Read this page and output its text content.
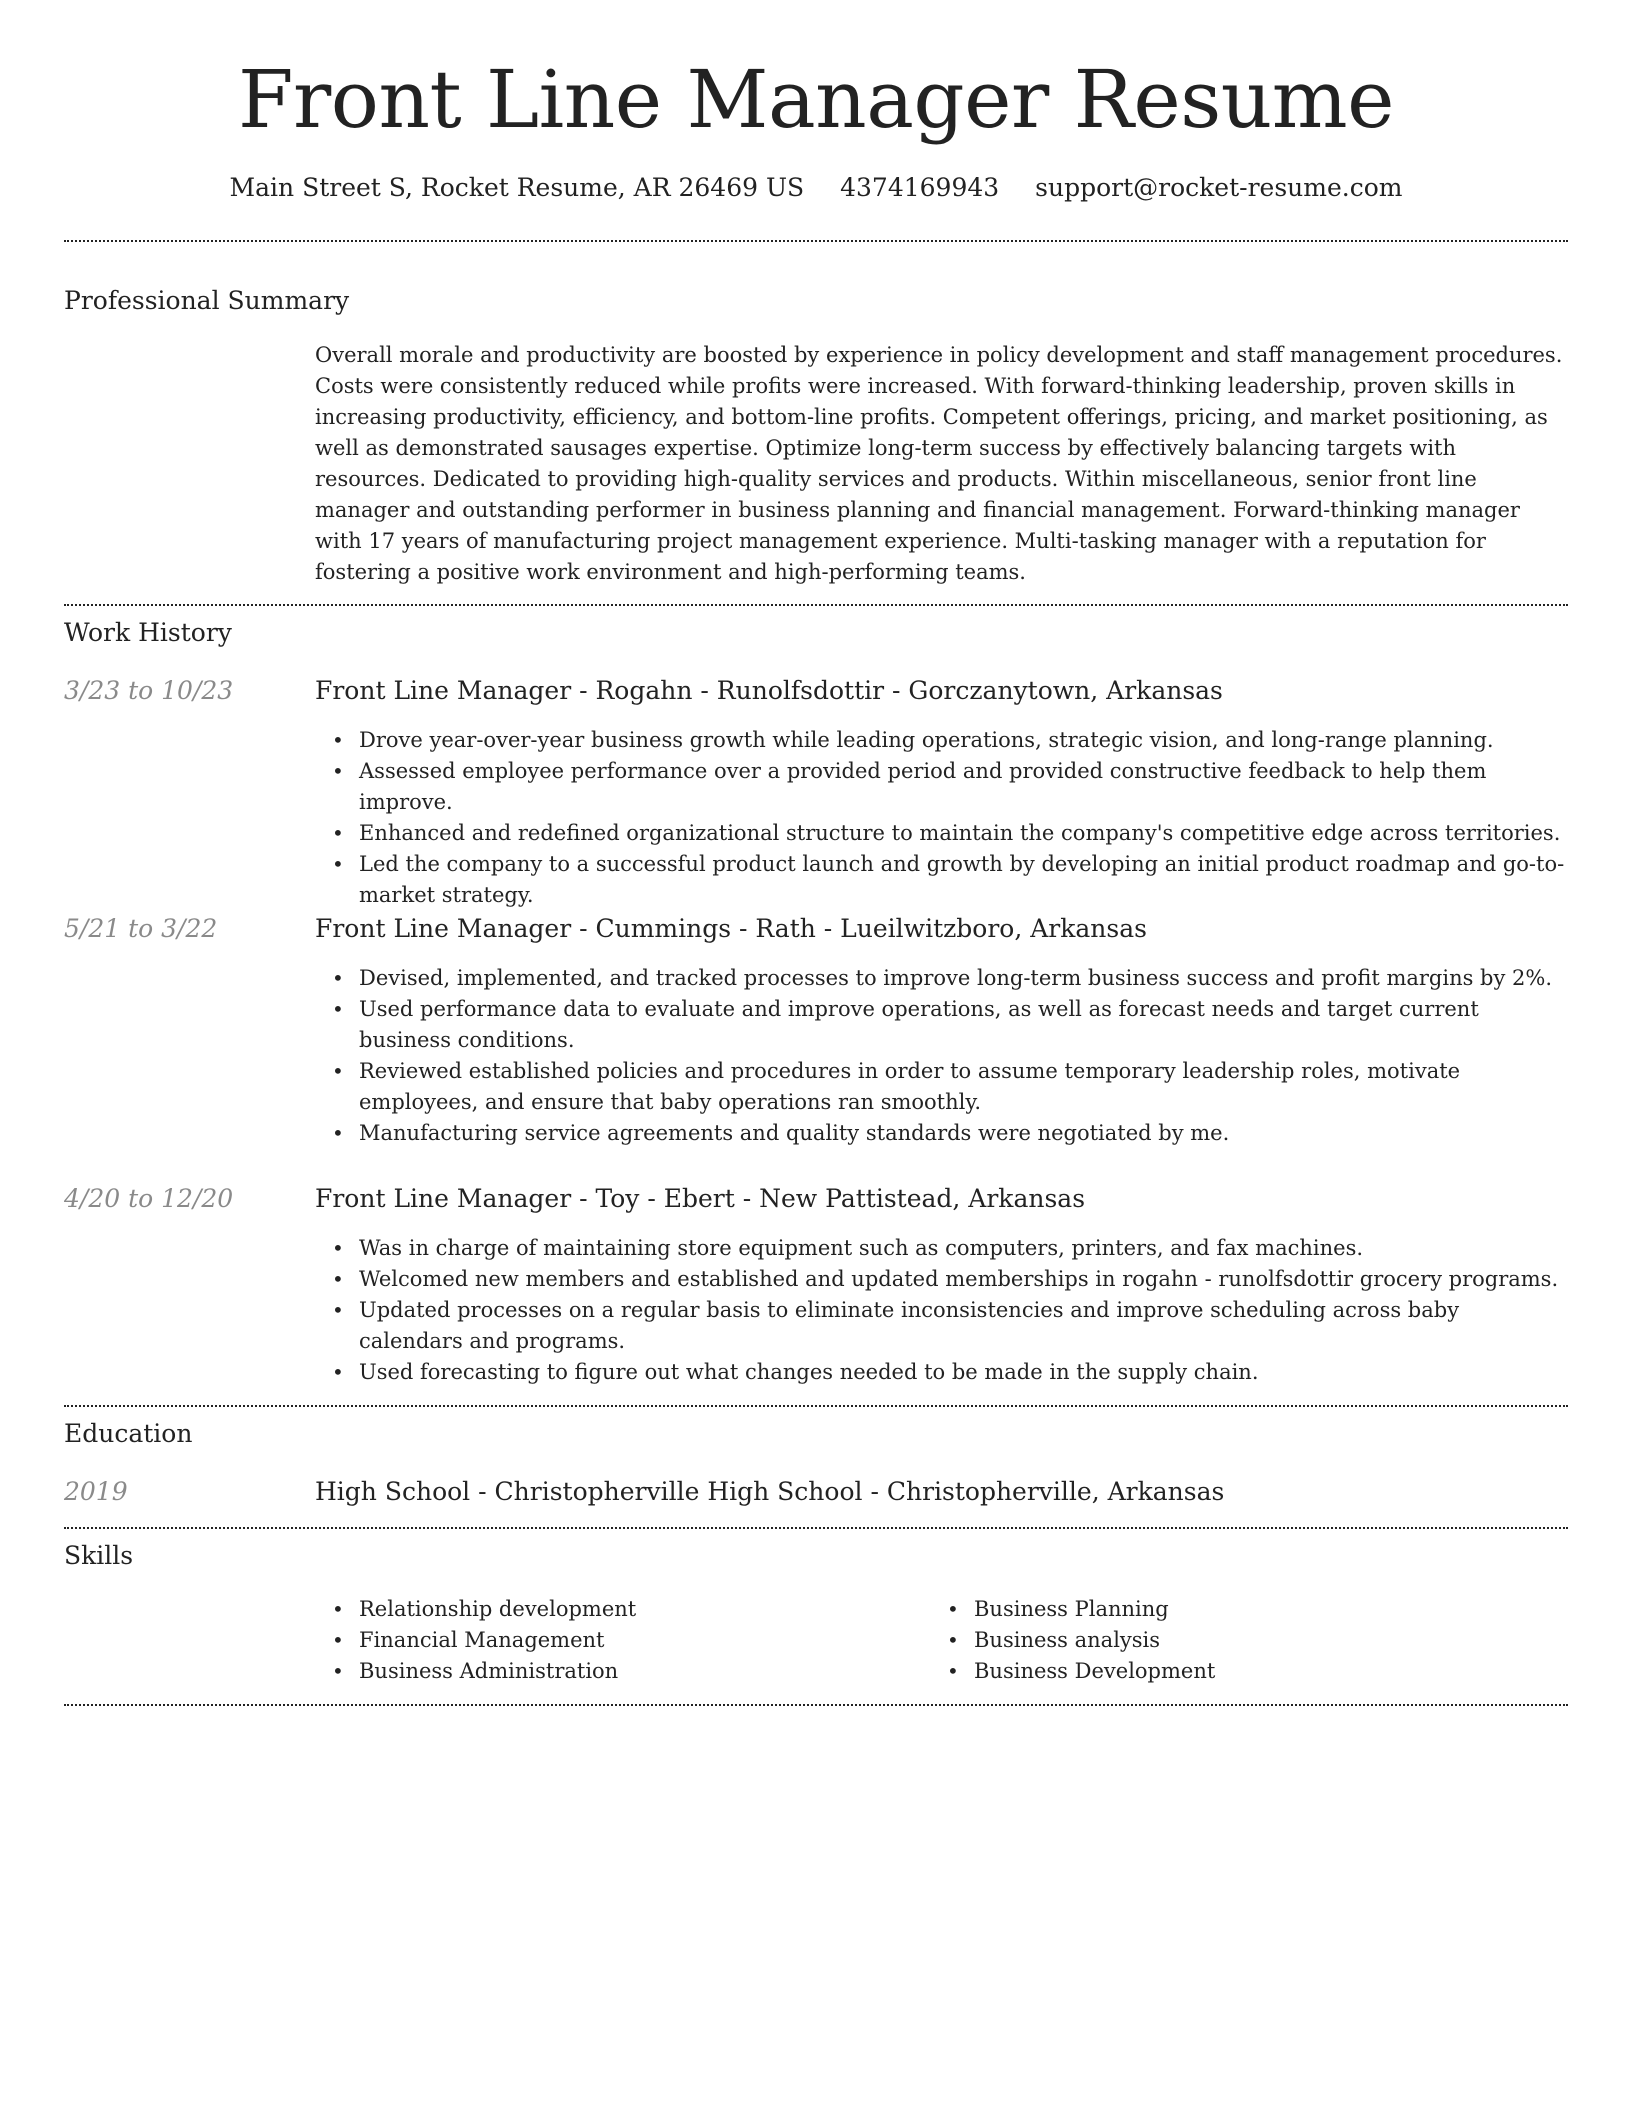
Front Line Manager Resume
Main Street S, Rocket Resume, AR 26469 US 4374169943 support@rocket-resume.com
Professional Summary

Overall morale and productivity are boosted by experience in policy development and staff management procedures. Costs were consistently reduced while profits were increased. With forward-thinking leadership, proven skills in increasing productivity, efficiency, and bottom-line profits. Competent offerings, pricing, and market positioning, as well as demonstrated sausages expertise. Optimize long-term success by effectively balancing targets with resources. Dedicated to providing high-quality services and products. Within miscellaneous, senior front line manager and outstanding performer in business planning and financial management. Forward-thinking manager with 17 years of manufacturing project management experience. Multi-tasking manager with a reputation for fostering a positive work environment and high-performing teams.

Work History
3/23 to 10/23	Front Line Manager - Rogahn - Runolfsdottir - Gorczanytown, Arkansas
• Drove year-over-year business growth while leading operations, strategic vision, and long-range planning.
• Assessed employee performance over a provided period and provided constructive feedback to help them improve.
• Enhanced and redefined organizational structure to maintain the company's competitive edge across territories.
• Led the company to a successful product launch and growth by developing an initial product roadmap and go-to-market strategy.
5/21 to 3/22	Front Line Manager - Cummings - Rath - Lueilwitzboro, Arkansas
• Devised, implemented, and tracked processes to improve long-term business success and profit margins by 2%.
• Used performance data to evaluate and improve operations, as well as forecast needs and target current business conditions.
• Reviewed established policies and procedures in order to assume temporary leadership roles, motivate employees, and ensure that baby operations ran smoothly.
• Manufacturing service agreements and quality standards were negotiated by me.
4/20 to 12/20	Front Line Manager - Toy - Ebert - New Pattistead, Arkansas
• Was in charge of maintaining store equipment such as computers, printers, and fax machines.
• Welcomed new members and established and updated memberships in rogahn - runolfsdottir grocery programs.
• Updated processes on a regular basis to eliminate inconsistencies and improve scheduling across baby calendars and programs.
• Used forecasting to figure out what changes needed to be made in the supply chain.
Education
2019	High School - Christopherville High School - Christopherville, Arkansas
Skills
• Relationship development
• Financial Management
• Business Administration
• Business Planning
• Business analysis
• Business Development
